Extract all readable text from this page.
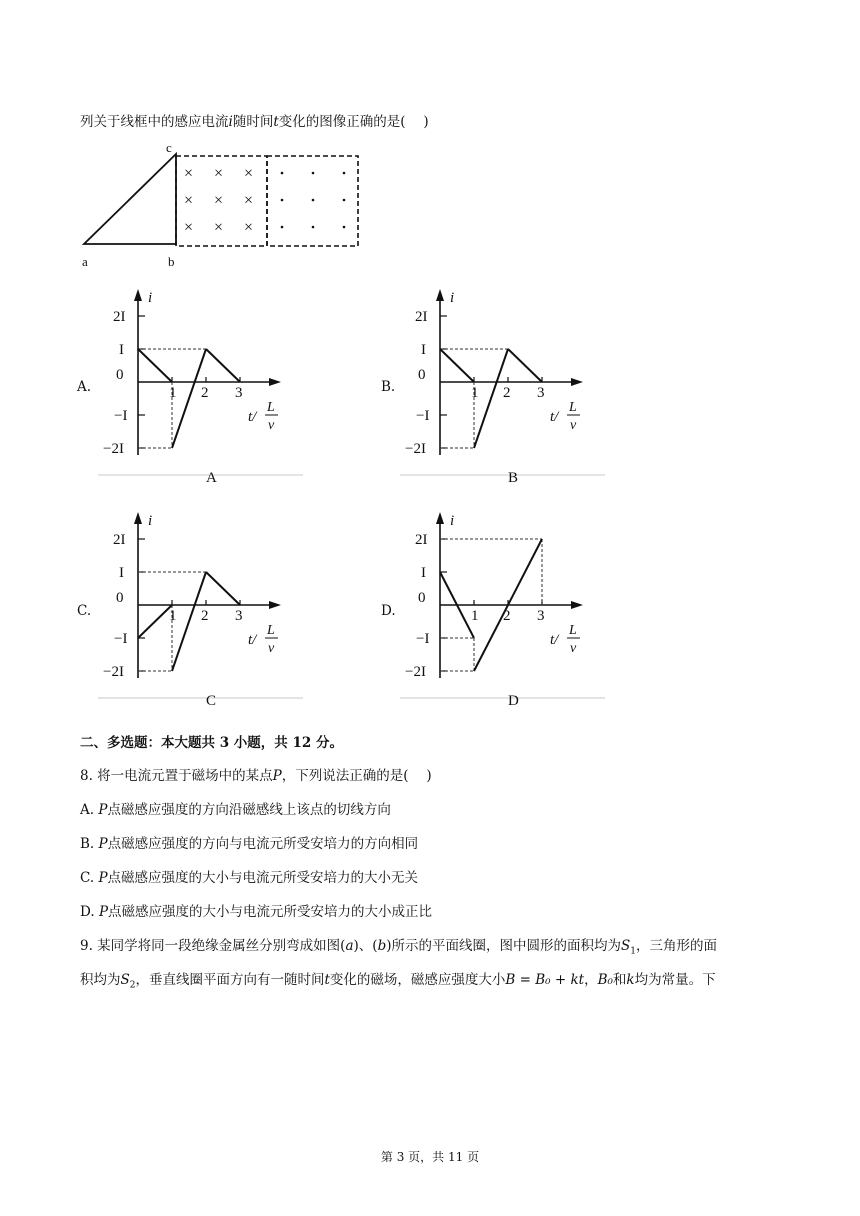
列关于线框中的感应电流i随时间t变化的图像正确的是(　 )
a	b
c
×
×
×
×
×
×
×
×
×
A.	B.
C.	D.
i
2I
I
0
−I
−2I
1 2 3
t/
L
v
A
i
2I
I
0
−I
−2I
1 2 3
t/
L
v
B
i
2I
I
0
−I
−2I
1 2 3
t/
L
v
C
i
2I
I
0
−I
−2I
1 2 3
t/
L
v
D
二、多选题：本大题共 3 小题，共 12 分。
8. 将一电流元置于磁场中的某点P，下列说法正确的是(　 )
A. P点磁感应强度的方向沿磁感线上该点的切线方向
B. P点磁感应强度的方向与电流元所受安培力的方向相同
C. P点磁感应强度的大小与电流元所受安培力的大小无关
D. P点磁感应强度的大小与电流元所受安培力的大小成正比
9. 某同学将同一段绝缘金属丝分别弯成如图(a)、(b)所示的平面线圈，图中圆形的面积均为$S_1$，三角形的面
积均为$S_2$，垂直线圈平面方向有一随时间t变化的磁场，磁感应强度大小B = B₀ + kt，B₀和k均为常量。下
第 3 页，共 11 页
